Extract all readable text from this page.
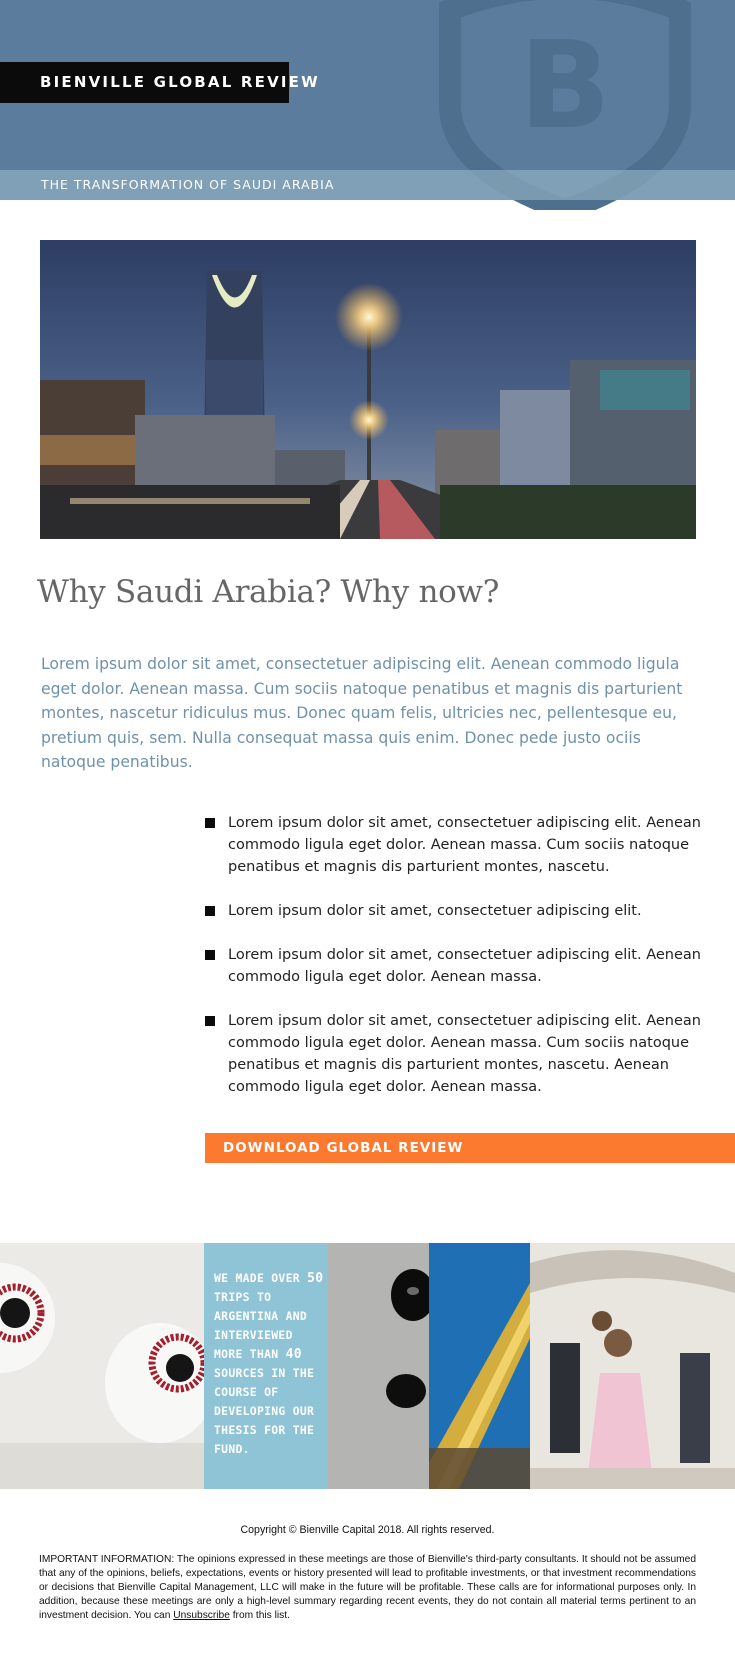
B
BIENVILLE GLOBAL REVIEW
THE TRANSFORMATION OF SAUDI ARABIA
Why Saudi Arabia? Why now?
Lorem ipsum dolor sit amet, consectetuer adipiscing elit. Aenean commodo ligula eget dolor. Aenean massa. Cum sociis natoque penatibus et magnis dis parturient montes, nascetur ridiculus mus. Donec quam felis, ultricies nec, pellentesque eu, pretium quis, sem. Nulla consequat massa quis enim. Donec pede justo ociis natoque penatibus.
Lorem ipsum dolor sit amet, consectetuer adipiscing elit. Aenean commodo ligula eget dolor. Aenean massa. Cum sociis natoque penatibus et magnis dis parturient montes, nascetu.
Lorem ipsum dolor sit amet, consectetuer adipiscing elit.
Lorem ipsum dolor sit amet, consectetuer adipiscing elit. Aenean commodo ligula eget dolor. Aenean massa.
Lorem ipsum dolor sit amet, consectetuer adipiscing elit. Aenean commodo ligula eget dolor. Aenean massa. Cum sociis natoque penatibus et magnis dis parturient montes, nascetu. Aenean commodo ligula eget dolor. Aenean massa.
DOWNLOAD GLOBAL REVIEW
WE MADE OVER 50 TRIPS TO ARGENTINA AND INTERVIEWED MORE THAN 40 SOURCES IN THE COURSE OF DEVELOPING OUR THESIS FOR THE FUND.
Copyright © Bienville Capital 2018. All rights reserved.
IMPORTANT INFORMATION: The opinions expressed in these meetings are those of Bienville's third-party consultants. It should not be assumed that any of the opinions, beliefs, expectations, events or history presented will lead to profitable investments, or that investment recommendations or decisions that Bienville Capital Management, LLC will make in the future will be profitable. These calls are for informational purposes only. In addition, because these meetings are only a high-level summary regarding recent events, they do not contain all material terms pertinent to an investment decision. You can Unsubscribe from this list.
